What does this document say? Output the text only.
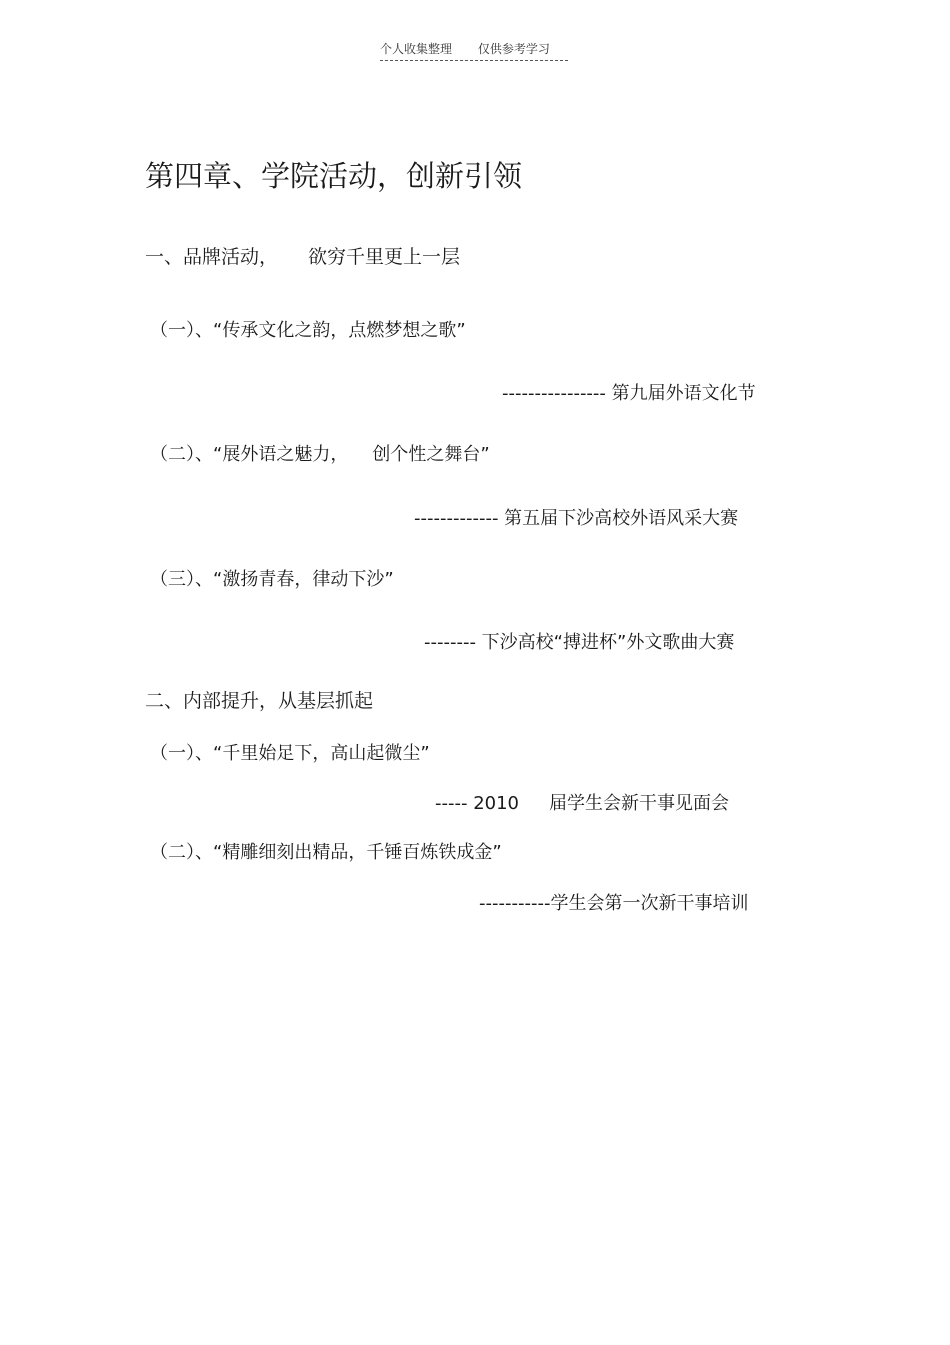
个人收集整理 仅供参考学习
第四章、学院活动，创新引领
一、品牌活动， 欲穷千里更上一层
（一）、“传承文化之韵，点燃梦想之歌”
---------------- 第九届外语文化节
（二）、“展外语之魅力， 创个性之舞台”
------------- 第五届下沙高校外语风采大赛
（三）、“激扬青春，律动下沙”
-------- 下沙高校“搏进杯”外文歌曲大赛
二、内部提升，从基层抓起
（一）、“千里始足下，高山起微尘”
----- 2010 届学生会新干事见面会
（二）、“精雕细刻出精品，千锤百炼铁成金”
-----------学生会第一次新干事培训
